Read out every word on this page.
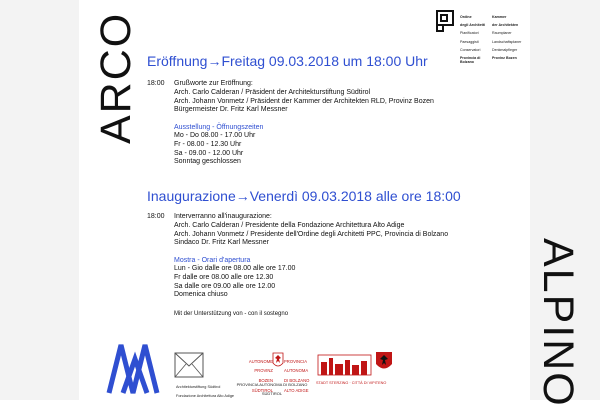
ARCO
ALPINO

Ordine

degli Architetti

Pianificatori

Paesaggisti

Conservatori

Provincia di Bolzano

Kammer

der Architekten

Raumplaner

Landschaftsplaner

Denkmalpfleger

Provinz Bozen

Eröffnung→Freitag 09.03.2018 um 18:00 Uhr
18:00 Grußworte zur Eröffnung:
Arch. Carlo Calderan / Präsident der Architekturstiftung Südtirol
Arch. Johann Vonmetz / Präsident der Kammer der Architekten RLD, Provinz Bozen
Bürgermeister Dr. Fritz Karl Messner
Ausstellung - Öffnungszeiten
Mo - Do 08.00 - 17.00 Uhr
Fr - 08.00 - 12.30 Uhr
Sa - 09.00 - 12.00 Uhr
Sonntag geschlossen
Inaugurazione→Venerdì 09.03.2018 alle ore 18:00
18:00 Interverranno all'inaugurazione:
Arch. Carlo Calderan / Presidente della Fondazione Architettura Alto Adige
Arch. Johann Vonmetz / Presidente dell'Ordine degli Architetti PPC, Provincia di Bolzano
Sindaco Dr. Fritz Karl Messner
Mostra - Orari d'apertura
Lun - Gio dalle ore 08.00 alle ore 17.00
Fr dalle ore 08.00 alle ore 12.30
Sa dalle ore 09.00 alle ore 12.00
Domenica chiuso
Mit der Unterstützung von - con il sostegno

Architekturstiftung Südtirol

Fondazione Architettura Alto Adige

AUTONOME

PROVINZ

BOZEN

SÜDTIROL

PROVINCIA

AUTONOMA

DI BOLZANO

ALTO ADIGE

PROVINCIA AUTONOMA DI BOLZANO

SÜDTIROL

STADT STERZING · CITTÀ DI VIPITENO
